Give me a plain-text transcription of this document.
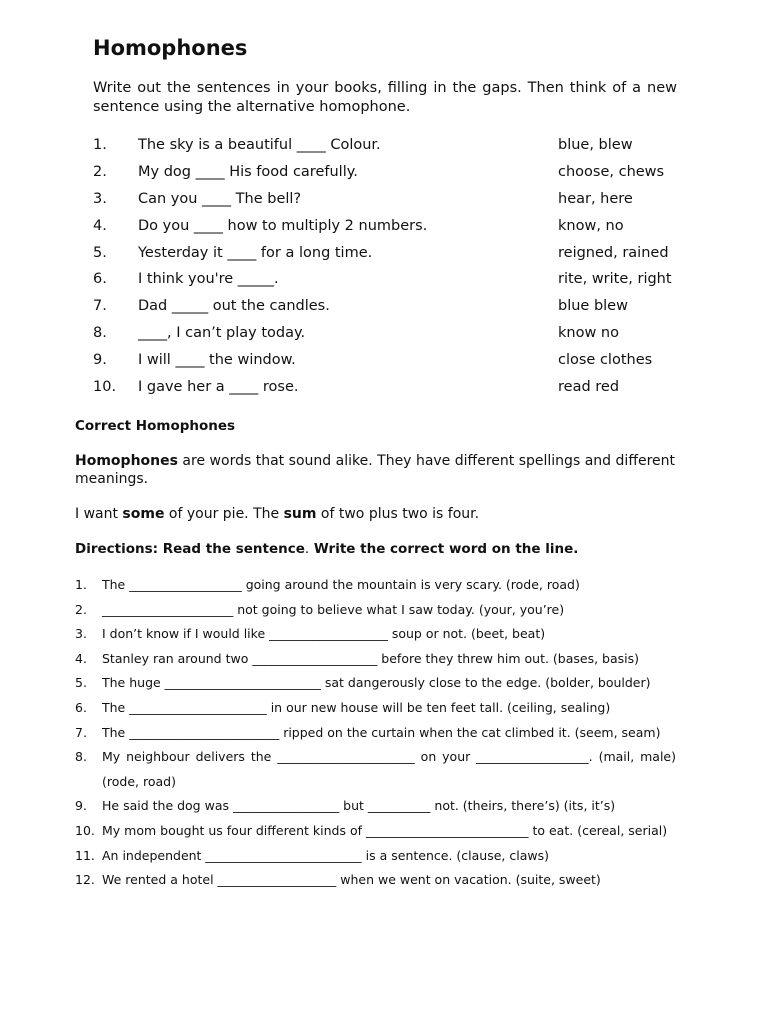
Homophones

Write out the sentences in your books, filling in the gaps. Then think of a new sentence using the alternative homophone.

1.	The sky is a beautiful ____ Colour.	blue, blew
2.	My dog ____ His food carefully.	choose, chews
3.	Can you ____ The bell?	hear, here
4.	Do you ____ how to multiply 2 numbers.	know, no
5.	Yesterday it ____ for a long time.	reigned, rained
6.	I think you're _____.	rite, write, right
7.	Dad _____ out the candles.	blue blew
8.	____, I can’t play today.	know no
9.	I will ____ the window.	close clothes
10.	I gave her a ____ rose.	read red

Correct Homophones

Homophones are words that sound alike. They have different spellings and different meanings.

I want some of your pie. The sum of two plus two is four.

Directions: Read the sentence. Write the correct word on the line.

1.	The __________________ going around the mountain is very scary. (rode, road)
2.	_____________________ not going to believe what I saw today. (your, you’re)
3.	I don’t know if I would like ___________________ soup or not. (beet, beat)
4.	Stanley ran around two ____________________ before they threw him out. (bases, basis)
5.	The huge _________________________ sat dangerously close to the edge. (bolder, boulder)
6.	The ______________________ in our new house will be ten feet tall. (ceiling, sealing)
7.	The ________________________ ripped on the curtain when the cat climbed it. (seem, seam)
8.	My neighbour delivers the ______________________ on your __________________. (mail, male) (rode, road)
9.	He said the dog was _________________ but __________ not. (theirs, there’s) (its, it’s)
10. My mom bought us four different kinds of __________________________ to eat. (cereal, serial)
11. An independent _________________________ is a sentence. (clause, claws)
12. We rented a hotel ___________________ when we went on vacation. (suite, sweet)
